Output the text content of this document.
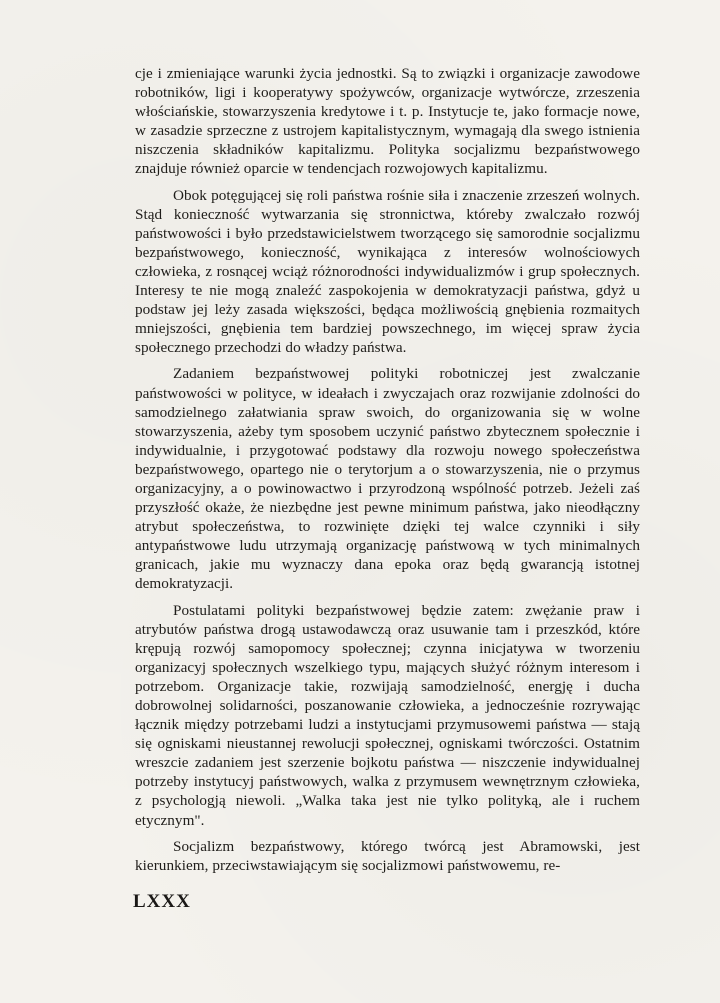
cje i zmieniające warunki życia jednostki. Są to związki i organizacje zawodowe robotników, ligi i kooperatywy spożywców, organizacje wytwórcze, zrzeszenia włościańskie, stowarzyszenia kredytowe i t. p. Instytucje te, jako formacje nowe, w zasadzie sprzeczne z ustrojem kapitalistycznym, wymagają dla swego istnienia niszczenia składników kapitalizmu. Polityka socjalizmu bezpaństwowego znajduje również oparcie w tendencjach rozwojowych kapitalizmu.

Obok potęgującej się roli państwa rośnie siła i znaczenie zrzeszeń wolnych. Stąd konieczność wytwarzania się stronnictwa, któreby zwalczało rozwój państwowości i było przedstawicielstwem tworzącego się samorodnie socjalizmu bezpaństwowego, konieczność, wynikająca z interesów wolnościowych człowieka, z rosnącej wciąż różnorodności indywidualizmów i grup społecznych. Interesy te nie mogą znaleźć zaspokojenia w demokratyzacji państwa, gdyż u podstaw jej leży zasada większości, będąca możliwością gnębienia rozmaitych mniejszości, gnębienia tem bardziej powszechnego, im więcej spraw życia społecznego przechodzi do władzy państwa.

Zadaniem bezpaństwowej polityki robotniczej jest zwalczanie państwowości w polityce, w ideałach i zwyczajach oraz rozwijanie zdolności do samodzielnego załatwiania spraw swoich, do organizowania się w wolne stowarzyszenia, ażeby tym sposobem uczynić państwo zbytecznem społecznie i indywidualnie, i przygotować podstawy dla rozwoju nowego społeczeństwa bezpaństwowego, opartego nie o terytorjum a o stowarzyszenia, nie o przymus organizacyjny, a o powinowactwo i przyrodzoną wspólność potrzeb. Jeżeli zaś przyszłość okaże, że niezbędne jest pewne minimum państwa, jako nieodłączny atrybut społeczeństwa, to rozwinięte dzięki tej walce czynniki i siły antypaństwowe ludu utrzymają organizację państwową w tych minimalnych granicach, jakie mu wyznaczy dana epoka oraz będą gwarancją istotnej demokratyzacji.

Postulatami polityki bezpaństwowej będzie zatem: zwężanie praw i atrybutów państwa drogą ustawodawczą oraz usuwanie tam i przeszkód, które krępują rozwój samopomocy społecznej; czynna inicjatywa w tworzeniu organizacyj społecznych wszelkiego typu, mających służyć różnym interesom i potrzebom. Organizacje takie, rozwijają samodzielność, energję i ducha dobrowolnej solidarności, poszanowanie człowieka, a jednocześnie rozrywając łącznik między potrzebami ludzi a instytucjami przymusowemi państwa — stają się ogniskami nieustannej rewolucji społecznej, ogniskami twórczości. Ostatnim wreszcie zadaniem jest szerzenie bojkotu państwa — niszczenie indywidualnej potrzeby instytucyj państwowych, walka z przymusem wewnętrznym człowieka, z psychologją niewoli. „Walka taka jest nie tylko polityką, ale i ruchem etycznym".

Socjalizm bezpaństwowy, którego twórcą jest Abramowski, jest kierunkiem, przeciwstawiającym się socjalizmowi państwowemu, re-

LXXX
